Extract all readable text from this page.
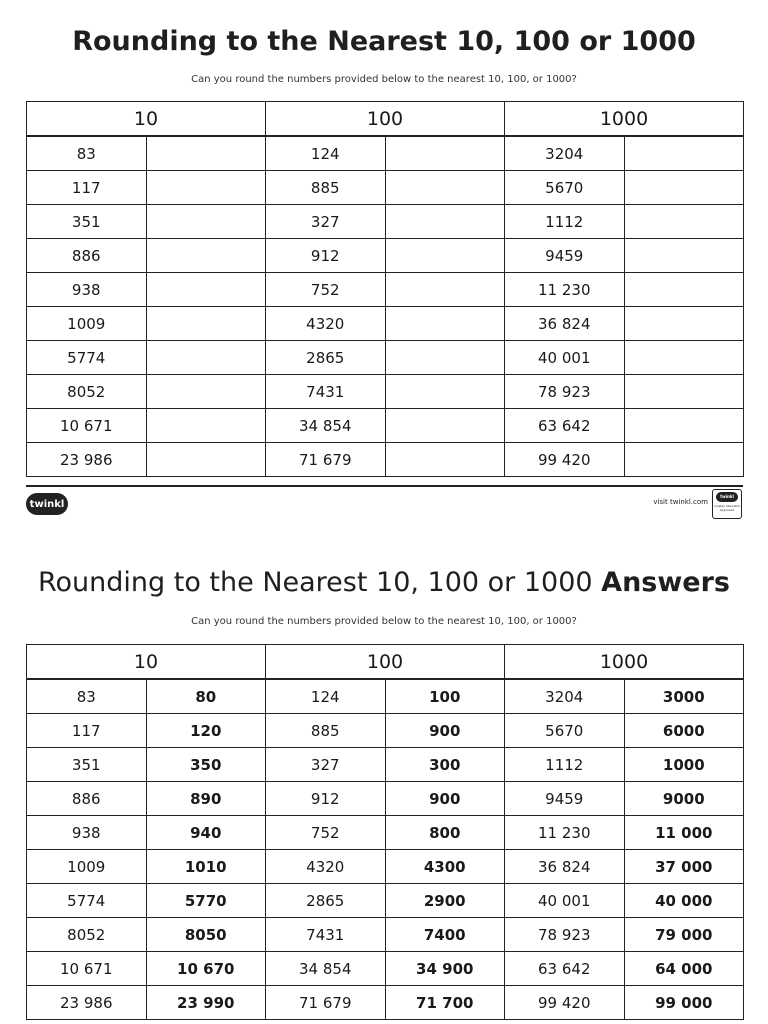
Rounding to the Nearest 10, 100 or 1000
Can you round the numbers provided below to the nearest 10, 100, or 1000?
10		100		1000	
83		124		3204	
117		885		5670	
351		327		1112	
886		912		9459	
938		752		11 230	
1009		4320		36 824	
5774		2865		40 001	
8052		7431		78 923	
10 671		34 854		63 642	
23 986		71 679		99 420	
twinkl	visit twinkl.com
twinkl
Quality Standard Approved
Rounding to the Nearest 10, 100 or 1000 Answers
Can you round the numbers provided below to the nearest 10, 100, or 1000?
10		100		1000	
83	80	124	100	3204	3000
117	120	885	900	5670	6000
351	350	327	300	1112	1000
886	890	912	900	9459	9000
938	940	752	800	11 230	11 000
1009	1010	4320	4300	36 824	37 000
5774	5770	2865	2900	40 001	40 000
8052	8050	7431	7400	78 923	79 000
10 671	10 670	34 854	34 900	63 642	64 000
23 986	23 990	71 679	71 700	99 420	99 000
